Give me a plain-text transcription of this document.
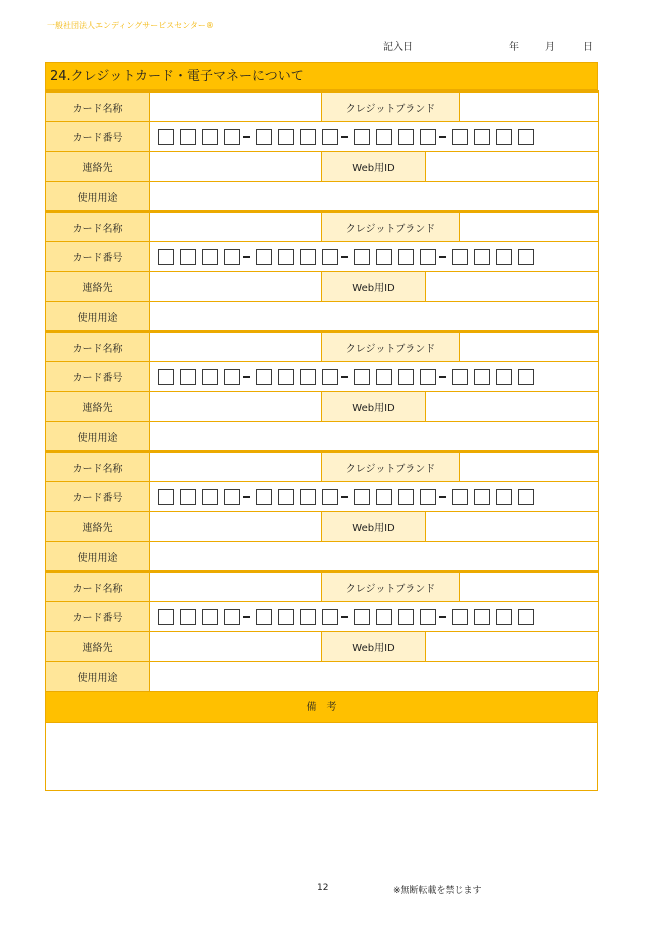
一般社団法人エンディングサービスセンター®
記入日	年	月	日
24.クレジットカード・電子マネーについて
カード名称		クレジットブランド		
カード番号				
連絡先		Web用ID		
使用用途				
カード名称		クレジットブランド		
カード番号				
連絡先		Web用ID		
使用用途				
カード名称		クレジットブランド		
カード番号				
連絡先		Web用ID		
使用用途				
カード名称		クレジットブランド		
カード番号				
連絡先		Web用ID		
使用用途				
カード名称		クレジットブランド		
カード番号				
連絡先		Web用ID		
使用用途				
備　考
12	※無断転載を禁じます
